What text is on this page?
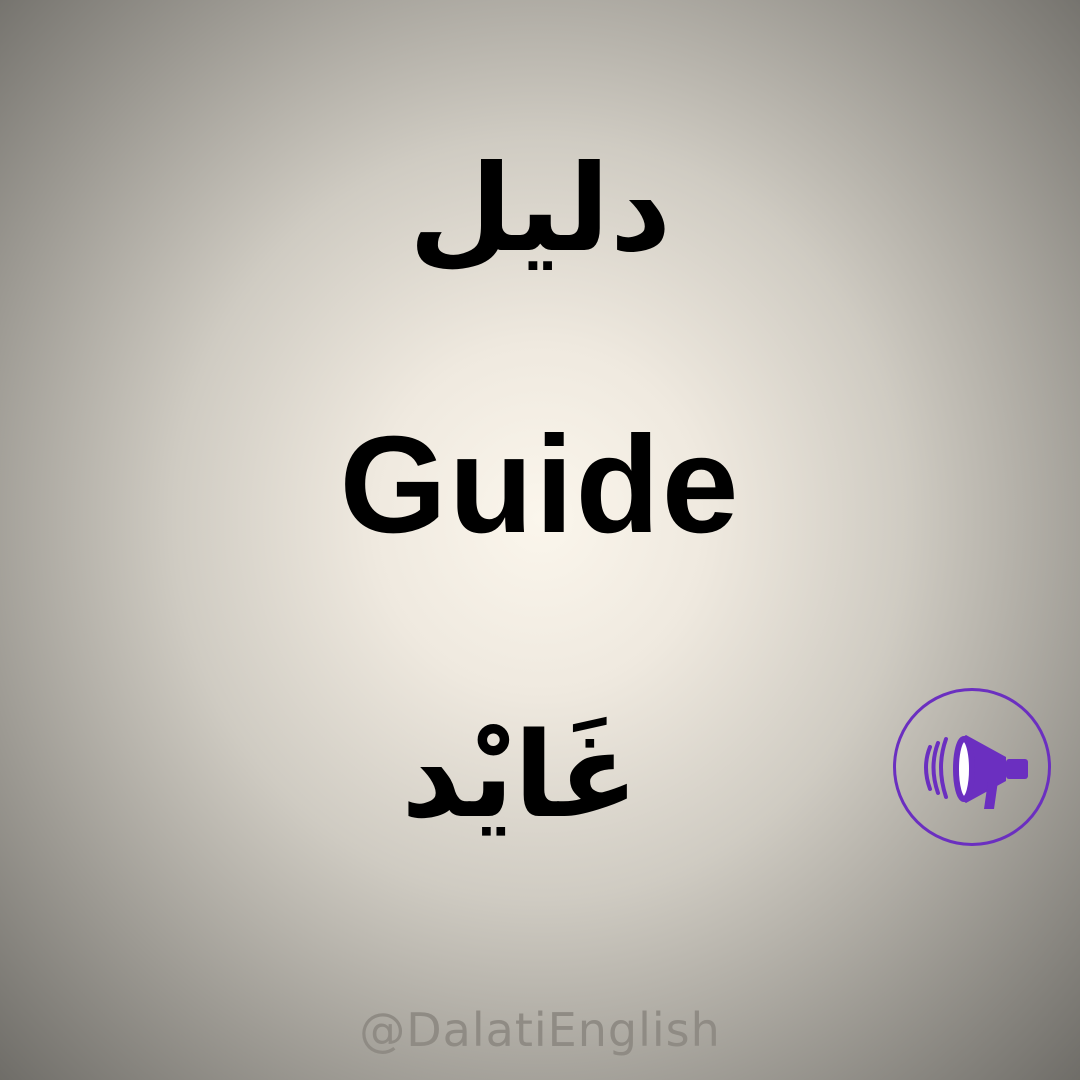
دليل
Guide
غَايْد
@DalatiEnglish
